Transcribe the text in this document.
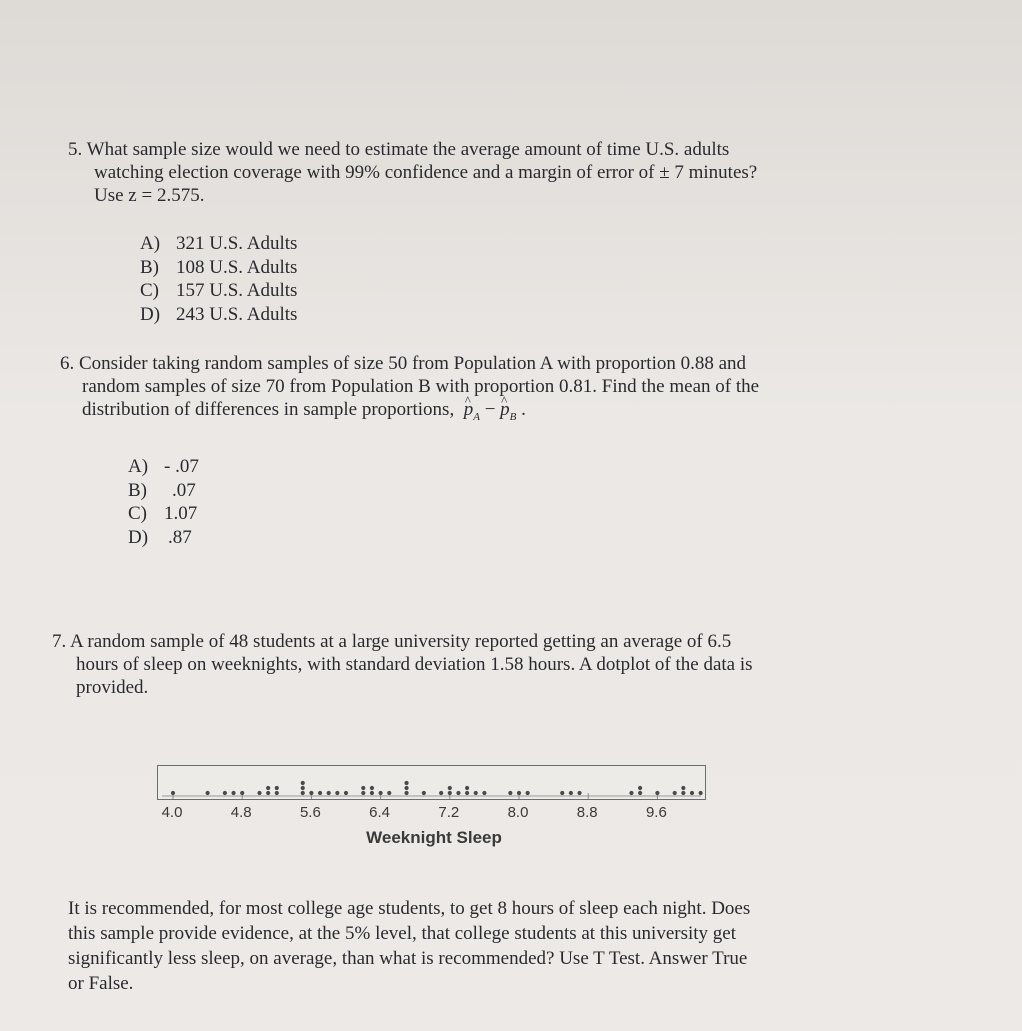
5. What sample size would we need to estimate the average amount of time U.S. adults

watching election coverage with 99% confidence and a margin of error of ± 7 minutes?

Use z = 2.575.

A) 321 U.S. Adults
B) 108 U.S. Adults
C) 157 U.S. Adults
D) 243 U.S. Adults

6. Consider taking random samples of size 50 from Population A with proportion 0.88 and

random samples of size 70 from Population B with proportion 0.81. Find the mean of the

distribution of differences in sample proportions,  ^ $p_A$ − ^ $p_B$ .

A) - .07
B)	.07
C) 1.07
D)	.87

7. A random sample of 48 students at a large university reported getting an average of 6.5

hours of sleep on weeknights, with standard deviation 1.58 hours. A dotplot of the data is

provided.

4.0	4.8	5.6	6.4	7.2	8.0	8.8	9.6
Weeknight Sleep

It is recommended, for most college age students, to get 8 hours of sleep each night. Does

this sample provide evidence, at the 5% level, that college students at this university get

significantly less sleep, on average, than what is recommended? Use T Test. Answer True

or False.
